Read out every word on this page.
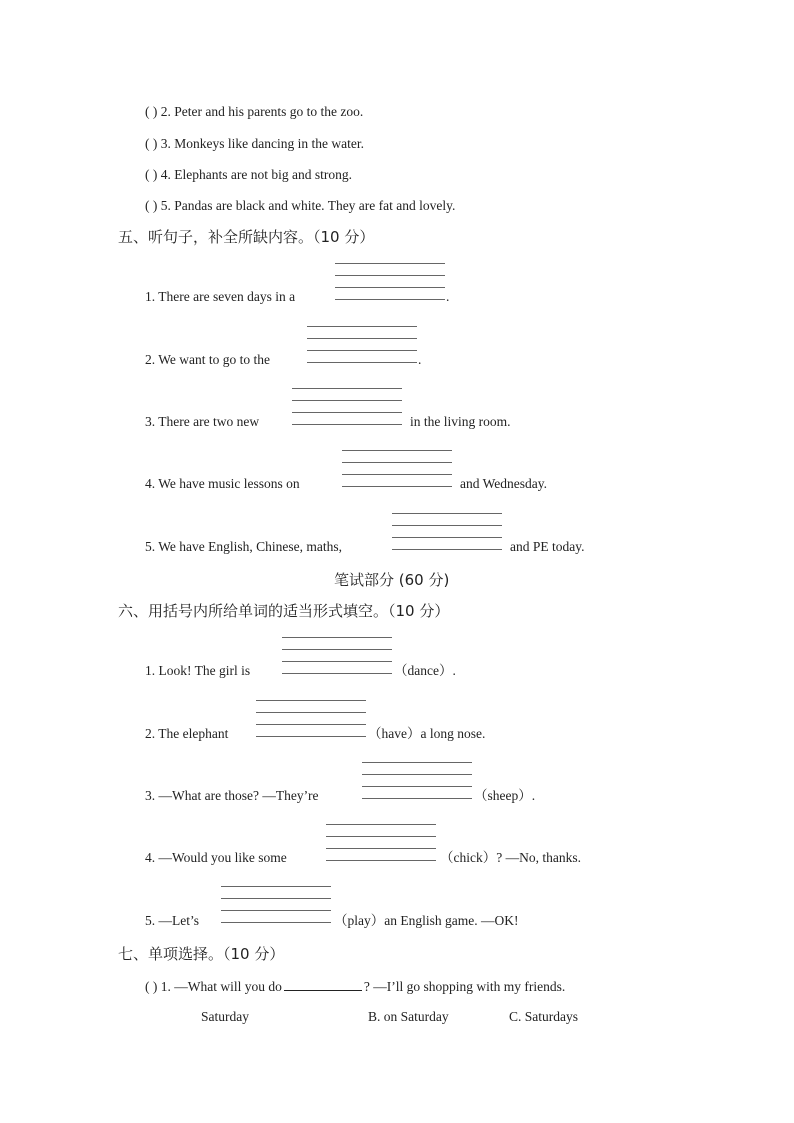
( ) 2. Peter and his parents go to the zoo.
( ) 3. Monkeys like dancing in the water.
( ) 4. Elephants are not big and strong.
( ) 5. Pandas are black and white. They are fat and lovely.
五、听句子，补全所缺内容。（10 分）
1. There are seven days in a	.
2. We want to go to the	.
3. There are two new	in the living room.
4. We have music lessons on	and Wednesday.
5. We have English, Chinese, maths,	and PE today.
笔试部分 (60 分)
六、用括号内所给单词的适当形式填空。（10 分）
1. Look! The girl is	（dance）.
2. The elephant	（have）a long nose.
3. —What are those? —They’re	（sheep）.
4. —Would you like some	（chick）? —No, thanks.
5. —Let’s	（play）an English game. —OK!
七、单项选择。（10 分）
( ) 1. —What will you do	? —I’ll go shopping with my friends.
Saturday	B. on Saturday	C. Saturdays
